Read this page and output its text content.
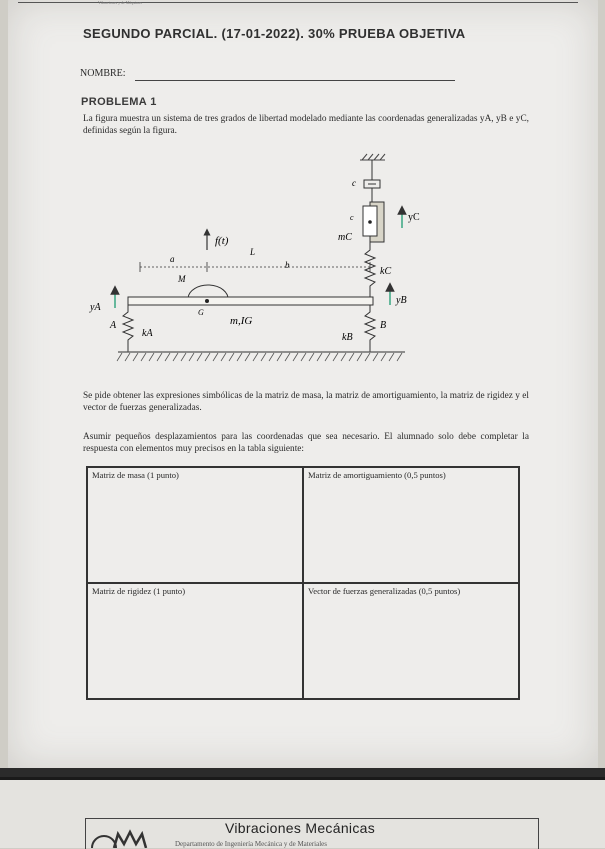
Vibraciones y de Máquinas
SEGUNDO PARCIAL. (17-01-2022). 30% PRUEBA OBJETIVA
NOMBRE:
PROBLEMA 1
La figura muestra un sistema de tres grados de libertad modelado mediante las coordenadas generalizadas yA, yB e yC, definidas según la figura.
c
c
mC
yC
kC
f(t)
L
a
b
M
G
m,IG
yA
yB
A
kA
B
kB
Se pide obtener las expresiones simbólicas de la matriz de masa, la matriz de amortiguamiento, la matriz de rigidez y el vector de fuerzas generalizadas.
Asumir pequeños desplazamientos para las coordenadas que sea necesario. El alumnado solo debe completar la respuesta con elementos muy precisos en la tabla siguiente:
Matriz de masa (1 punto)	Matriz de amortiguamiento (0,5 puntos)
Matriz de rigidez (1 punto)	Vector de fuerzas generalizadas (0,5 puntos)
Vibraciones Mecánicas
Departamento de Ingeniería Mecánica y de Materiales
